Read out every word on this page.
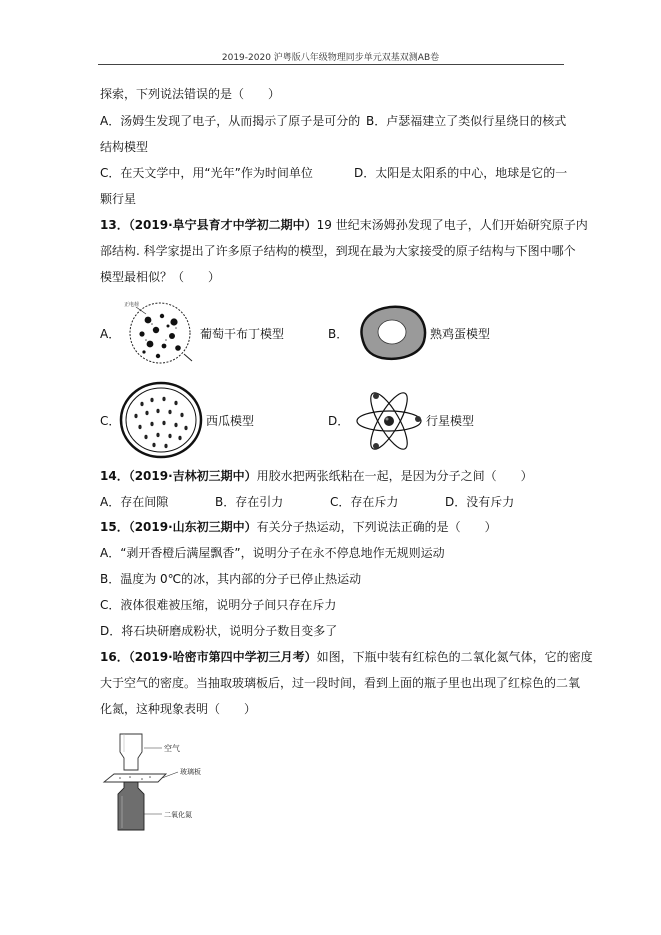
2019-2020 沪粤版八年级物理同步单元双基双测AB卷
探索，下列说法错误的是（　　）
A．汤姆生发现了电子，从而揭示了原子是可分的 B．卢瑟福建立了类似行星绕日的核式
结构模型
C．在天文学中，用“光年”作为时间单位	D．太阳是太阳系的中心，地球是它的一
颗行星
13．（2019·阜宁县育才中学初二期中）19 世纪末汤姆孙发现了电子，人们开始研究原子内
部结构. 科学家提出了许多原子结构的模型，到现在最为大家接受的原子结构与下图中哪个
模型最相似？（　　）
A．
正电荷
葡萄干布丁模型	B．	熟鸡蛋模型
C．	西瓜模型	D．	行星模型
14．（2019·吉林初三期中）用胶水把两张纸粘在一起，是因为分子之间（　　）
A．存在间隙	B．存在引力	C．存在斥力	D．没有斥力
15．（2019·山东初三期中）有关分子热运动，下列说法正确的是（　　）
A．“剥开香橙后满屋飘香”，说明分子在永不停息地作无规则运动
B．温度为 0℃的冰，其内部的分子已停止热运动
C．液体很难被压缩，说明分子间只存在斥力
D．将石块研磨成粉状，说明分子数目变多了
16．（2019·哈密市第四中学初三月考）如图，下瓶中装有红棕色的二氧化氮气体，它的密度
大于空气的密度。当抽取玻璃板后，过一段时间，看到上面的瓶子里也出现了红棕色的二氧
化氮，这种现象表明（　　）
空气
玻璃板
二氧化氮
